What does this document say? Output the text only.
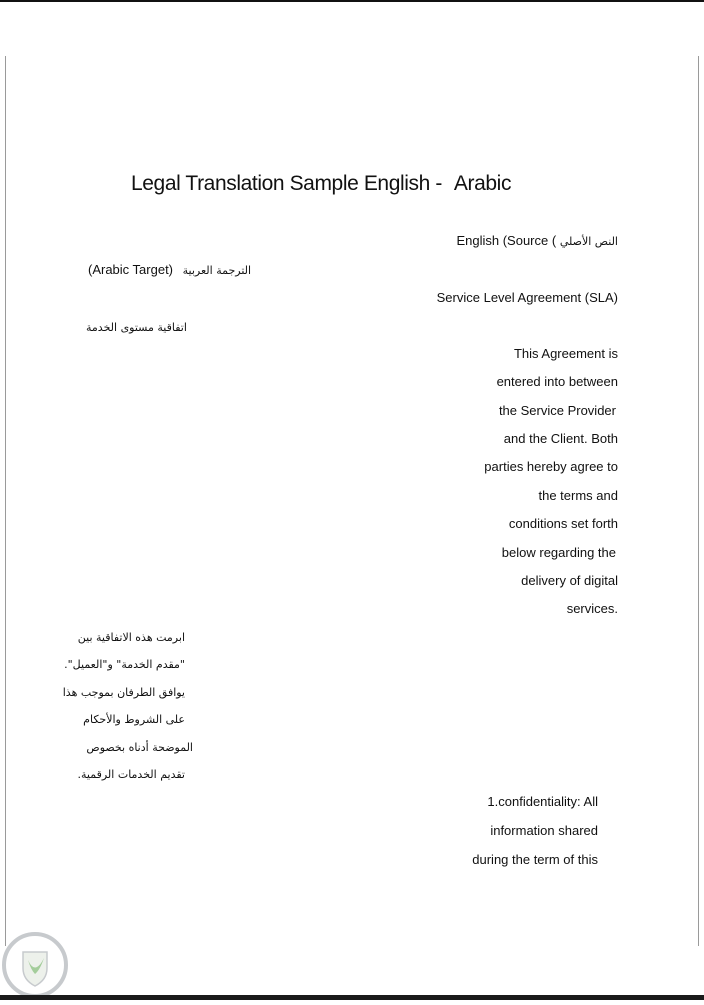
Legal Translation Sample English - Arabic
English (Source ( النص الأصلي
(Arabic Target) الترجمة العربية
Service Level Agreement (SLA)
اتفاقية مستوى الخدمة
This Agreement is
entered into between
the Service Provider
and the Client. Both
parties hereby agree to
the terms and
conditions set forth
below regarding the
delivery of digital
services.
ابرمت هذه الاتفاقية بين
"مقدم الخدمة" و"العميل".
يوافق الطرفان بموجب هذا
على الشروط والأحكام
الموضحة أدناه بخصوص
تقديم الخدمات الرقمية.
1.confidentiality: All
information shared
during the term of this
